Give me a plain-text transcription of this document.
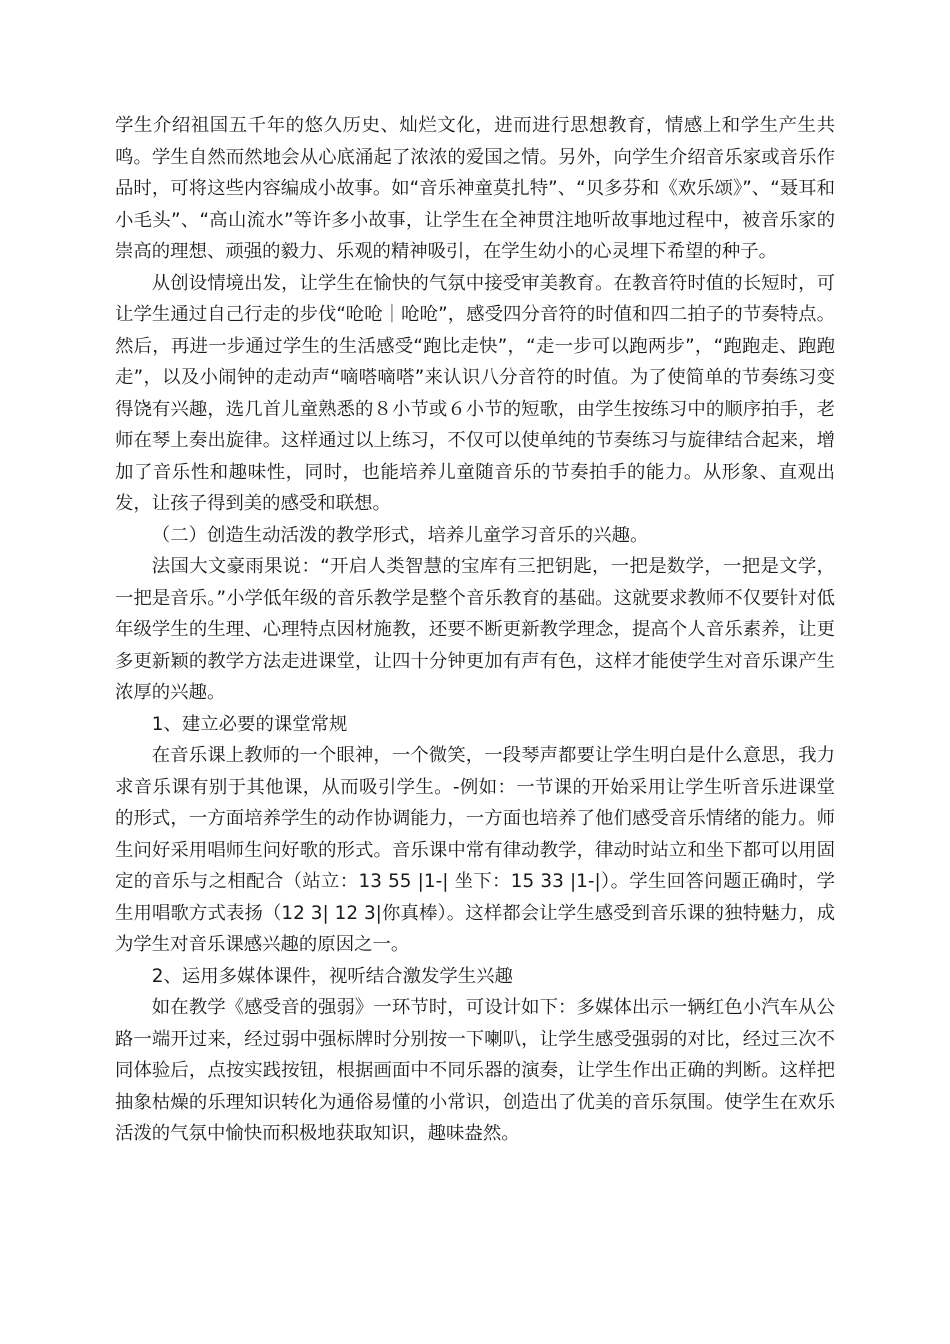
学生介绍祖国五千年的悠久历史、灿烂文化，进而进行思想教育，情感上和学生产生共鸣。学生自然而然地会从心底涌起了浓浓的爱国之情。另外，向学生介绍音乐家或音乐作品时，可将这些内容编成小故事。如“音乐神童莫扎特”、“贝多芬和《欢乐颂》”、“聂耳和小毛头”、“高山流水”等许多小故事，让学生在全神贯注地听故事地过程中，被音乐家的崇高的理想、顽强的毅力、乐观的精神吸引，在学生幼小的心灵埋下希望的种子。

从创设情境出发，让学生在愉快的气氛中接受审美教育。在教音符时值的长短时，可让学生通过自己行走的步伐“呛呛｜呛呛”，感受四分音符的时值和四二拍子的节奏特点。然后，再进一步通过学生的生活感受“跑比走快”，“走一步可以跑两步”，“跑跑走、跑跑走”，以及小闹钟的走动声“嘀嗒嘀嗒”来认识八分音符的时值。为了使简单的节奏练习变得饶有兴趣，选几首儿童熟悉的８小节或６小节的短歌，由学生按练习中的顺序拍手，老师在琴上奏出旋律。这样通过以上练习，不仅可以使单纯的节奏练习与旋律结合起来，增加了音乐性和趣味性，同时，也能培养儿童随音乐的节奏拍手的能力。从形象、直观出发，让孩子得到美的感受和联想。

（二）创造生动活泼的教学形式，培养儿童学习音乐的兴趣。

法国大文豪雨果说：“开启人类智慧的宝库有三把钥匙，一把是数学，一把是文学，一把是音乐。”小学低年级的音乐教学是整个音乐教育的基础。这就要求教师不仅要针对低年级学生的生理、心理特点因材施教，还要不断更新教学理念，提高个人音乐素养，让更多更新颖的教学方法走进课堂，让四十分钟更加有声有色，这样才能使学生对音乐课产生浓厚的兴趣。

1、建立必要的课堂常规

在音乐课上教师的一个眼神，一个微笑，一段琴声都要让学生明白是什么意思，我力求音乐课有别于其他课，从而吸引学生。-例如：一节课的开始采用让学生听音乐进课堂的形式，一方面培养学生的动作协调能力，一方面也培养了他们感受音乐情绪的能力。师生问好采用唱师生问好歌的形式。音乐课中常有律动教学，律动时站立和坐下都可以用固定的音乐与之相配合（站立：13 55 |1-| 坐下：15 33 |1-|）。学生回答问题正确时，学生用唱歌方式表扬（12 3| 12 3|你真棒）。这样都会让学生感受到音乐课的独特魅力，成为学生对音乐课感兴趣的原因之一。

2、运用多媒体课件，视听结合激发学生兴趣

如在教学《感受音的强弱》一环节时，可设计如下：多媒体出示一辆红色小汽车从公路一端开过来，经过弱中强标牌时分别按一下喇叭，让学生感受强弱的对比，经过三次不同体验后，点按实践按钮，根据画面中不同乐器的演奏，让学生作出正确的判断。这样把抽象枯燥的乐理知识转化为通俗易懂的小常识，创造出了优美的音乐氛围。使学生在欢乐活泼的气氛中愉快而积极地获取知识，趣味盎然。
